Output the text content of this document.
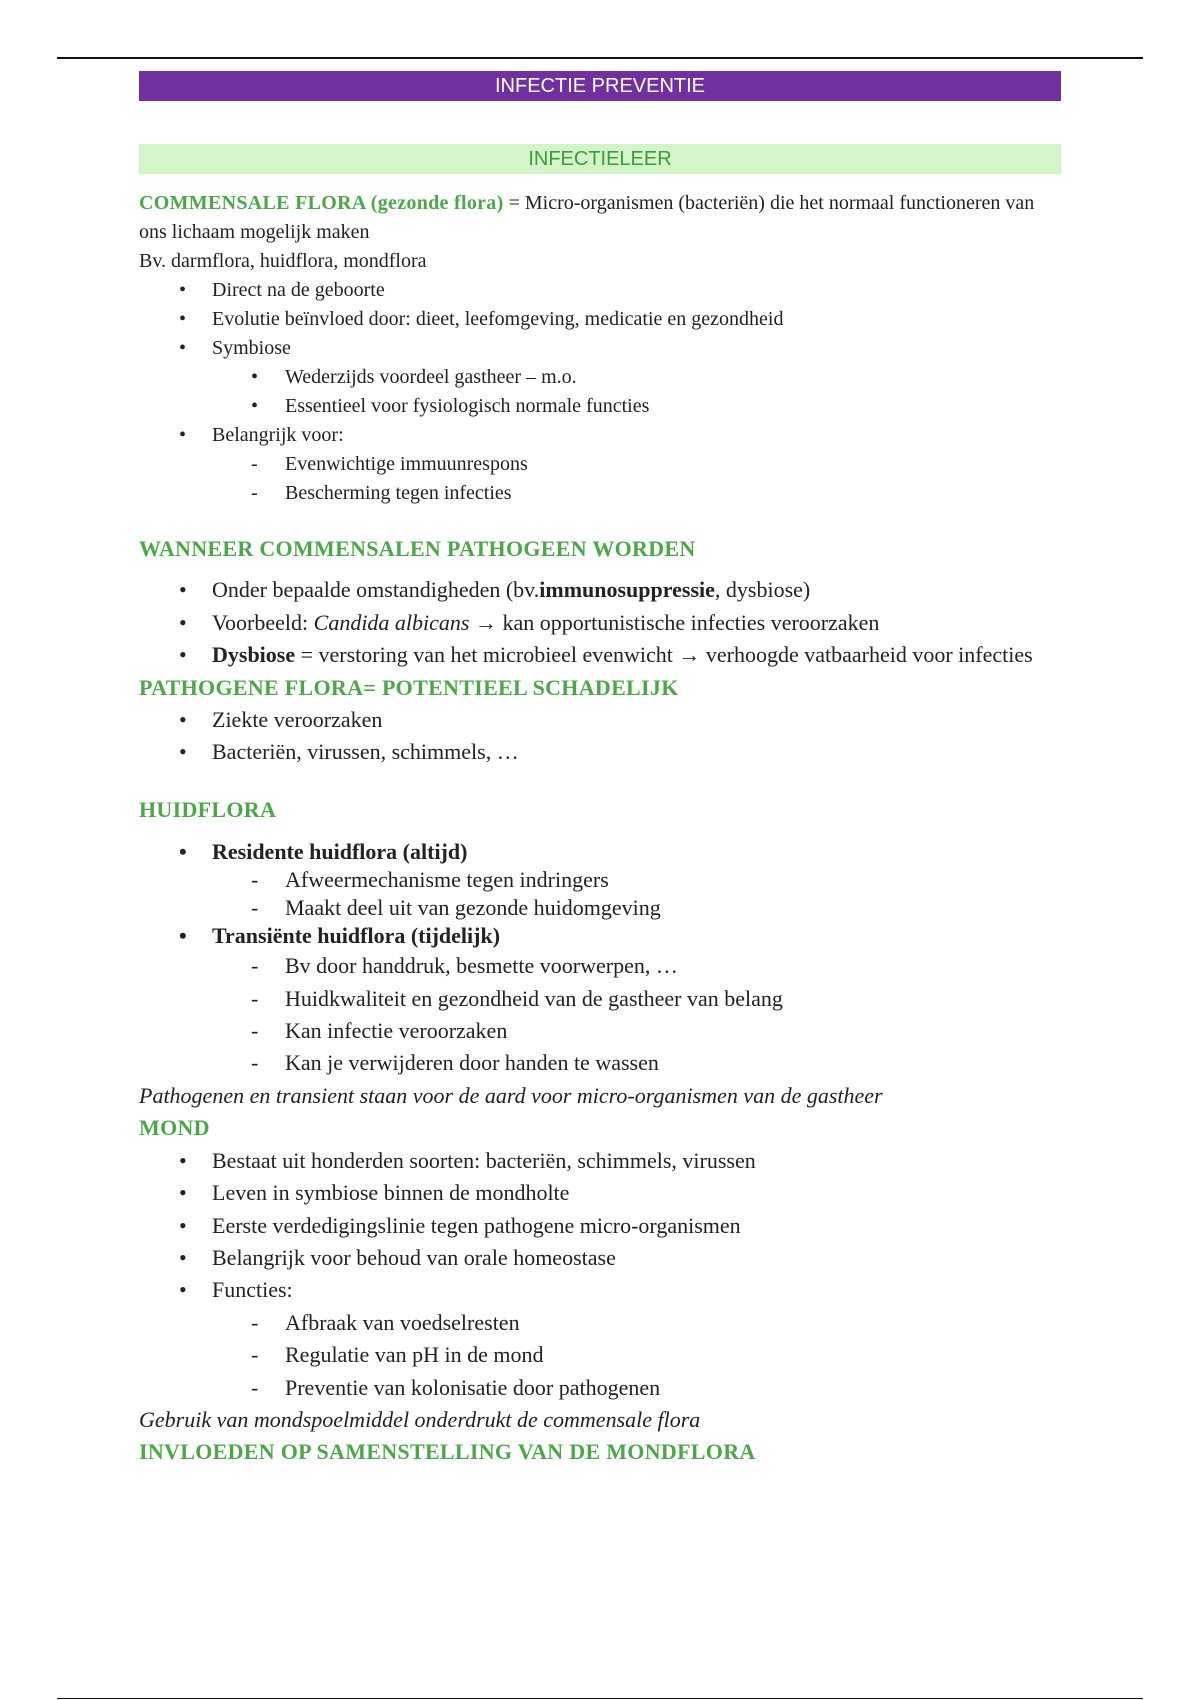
INFECTIE PREVENTIE
INFECTIELEER

COMMENSALE FLORA (gezonde flora) = Micro-organismen (bacteriën) die het normaal functioneren van ons lichaam mogelijk maken

Bv. darmflora, huidflora, mondflora

• Direct na de geboorte
• Evolutie beïnvloed door: dieet, leefomgeving, medicatie en gezondheid
• Symbiose
• Wederzijds voordeel gastheer – m.o.
• Essentieel voor fysiologisch normale functies
• Belangrijk voor:
- Evenwichtige immuunrespons
- Bescherming tegen infecties

WANNEER COMMENSALEN PATHOGEEN WORDEN

• Onder bepaalde omstandigheden (bv.immunosuppressie, dysbiose)
• Voorbeeld: Candida albicans → kan opportunistische infecties veroorzaken
• Dysbiose = verstoring van het microbieel evenwicht → verhoogde vatbaarheid voor infecties

PATHOGENE FLORA= POTENTIEEL SCHADELIJK

• Ziekte veroorzaken
• Bacteriën, virussen, schimmels, …

HUIDFLORA

• Residente huidflora (altijd)
- Afweermechanisme tegen indringers
- Maakt deel uit van gezonde huidomgeving
• Transiënte huidflora (tijdelijk)
- Bv door handdruk, besmette voorwerpen, …
- Huidkwaliteit en gezondheid van de gastheer van belang
- Kan infectie veroorzaken
- Kan je verwijderen door handen te wassen

Pathogenen en transient staan voor de aard voor micro-organismen van de gastheer

MOND

• Bestaat uit honderden soorten: bacteriën, schimmels, virussen
• Leven in symbiose binnen de mondholte
• Eerste verdedigingslinie tegen pathogene micro-organismen
• Belangrijk voor behoud van orale homeostase
• Functies:
- Afbraak van voedselresten
- Regulatie van pH in de mond
- Preventie van kolonisatie door pathogenen

Gebruik van mondspoelmiddel onderdrukt de commensale flora

INVLOEDEN OP SAMENSTELLING VAN DE MONDFLORA
